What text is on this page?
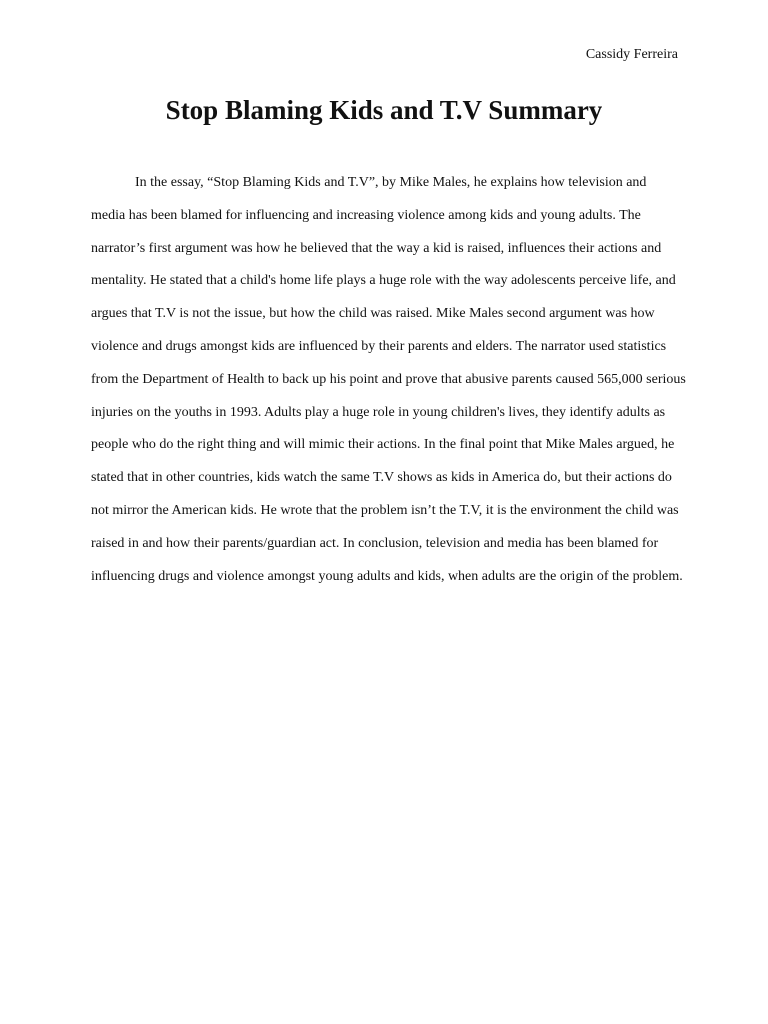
Cassidy Ferreira
Stop Blaming Kids and T.V Summary
In the essay, “Stop Blaming Kids and T.V”, by Mike Males, he explains how television and
media has been blamed for influencing and increasing violence among kids and young adults. The
narrator’s first argument was how he believed that the way a kid is raised, influences their actions and
mentality. He stated that a child's home life plays a huge role with the way adolescents perceive life, and
argues that T.V is not the issue, but how the child was raised. Mike Males second argument was how
violence and drugs amongst kids are influenced by their parents and elders. The narrator used statistics
from the Department of Health to back up his point and prove that abusive parents caused 565,000 serious
injuries on the youths in 1993. Adults play a huge role in young children's lives, they identify adults as
people who do the right thing and will mimic their actions. In the final point that Mike Males argued, he
stated that in other countries, kids watch the same T.V shows as kids in America do, but their actions do
not mirror the American kids. He wrote that the problem isn’t the T.V, it is the environment the child was
raised in and how their parents/guardian act. In conclusion, television and media has been blamed for
influencing drugs and violence amongst young adults and kids, when adults are the origin of the problem.
